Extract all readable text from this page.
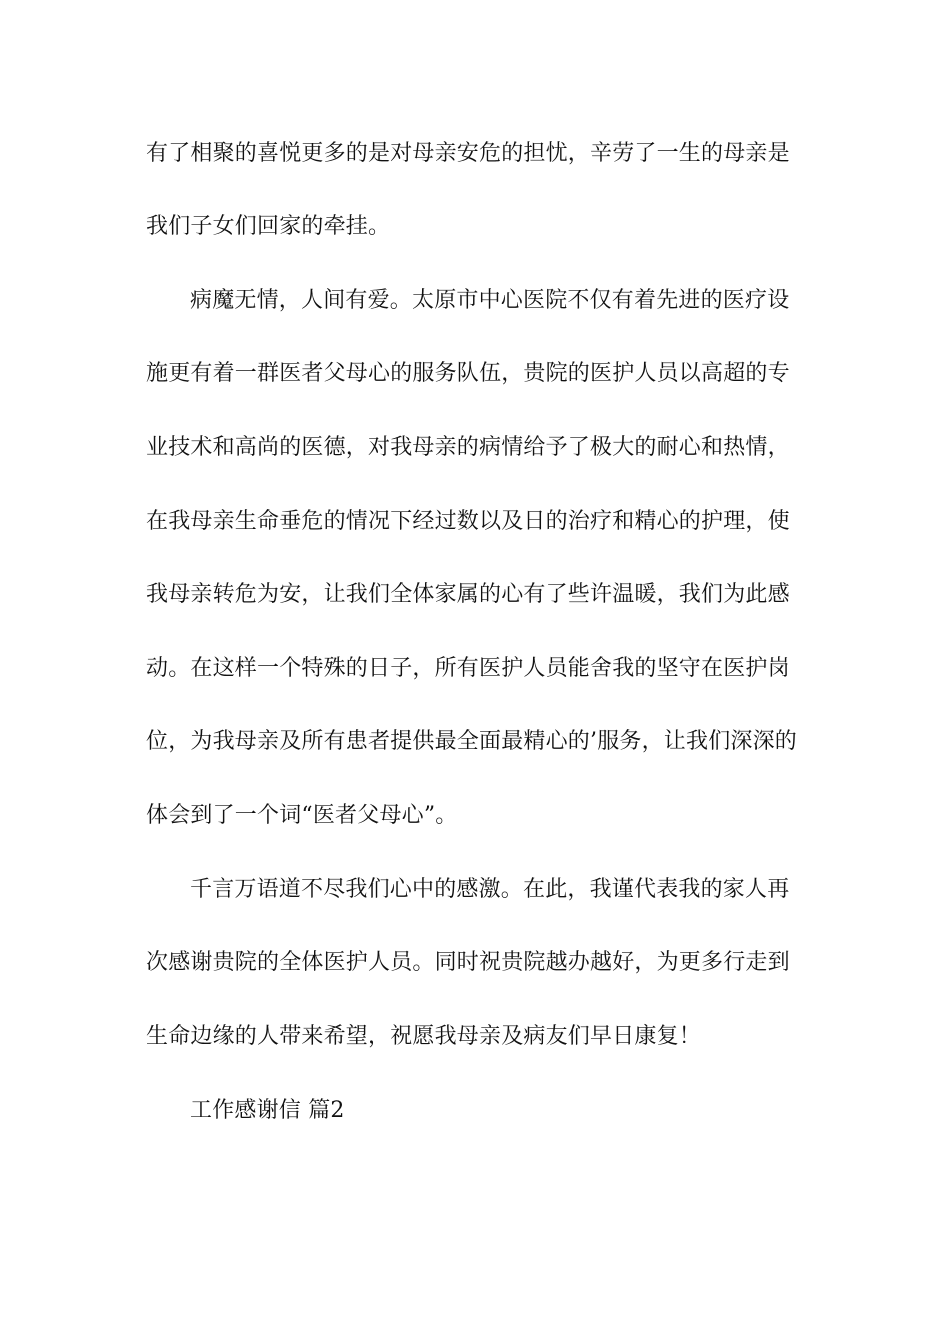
有了相聚的喜悦更多的是对母亲安危的担忧，辛劳了一生的母亲是
我们子女们回家的牵挂。
病魔无情，人间有爱。太原市中心医院不仅有着先进的医疗设
施更有着一群医者父母心的服务队伍，贵院的医护人员以高超的专
业技术和高尚的医德，对我母亲的病情给予了极大的耐心和热情，
在我母亲生命垂危的情况下经过数以及日的治疗和精心的护理，使
我母亲转危为安，让我们全体家属的心有了些许温暖，我们为此感
动。在这样一个特殊的日子，所有医护人员能舍我的坚守在医护岗
位，为我母亲及所有患者提供最全面最精心的’服务，让我们深深的
体会到了一个词“医者父母心”。
千言万语道不尽我们心中的感激。在此，我谨代表我的家人再
次感谢贵院的全体医护人员。同时祝贵院越办越好，为更多行走到
生命边缘的人带来希望，祝愿我母亲及病友们早日康复！
工作感谢信 篇2
